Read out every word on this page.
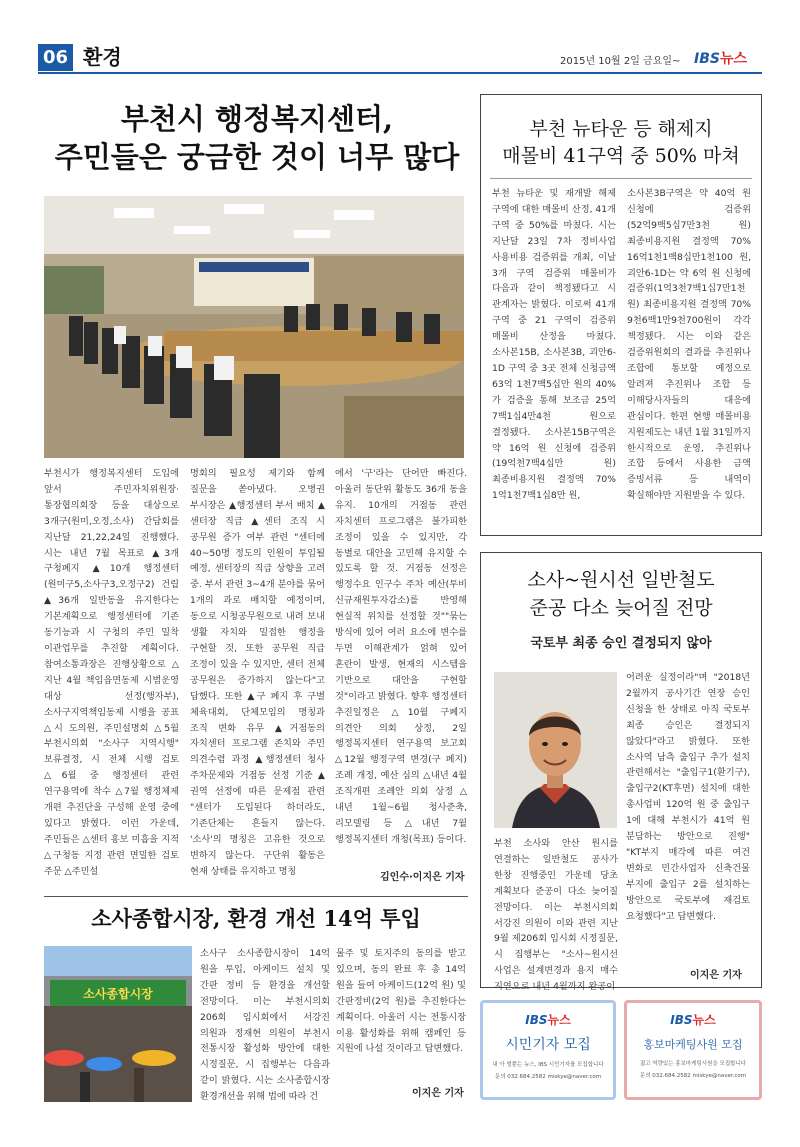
06 환경	2015년 10월 2일 금요일~ IBS뉴스
부천시 행정복지센터,
주민들은 궁금한 것이 너무 많다
부천시가 행정복지센터 도입에 앞서 주민자치위원장·통장협의회장 등을 대상으로 3개구(원미,오정,소사) 간담회를 지난달 21,22,24일 진행했다. 시는 내년 7월 목표로 ▲3개 구청폐지 ▲10개 행정센터(원미구5,소사구3,오정구2) 건립 ▲36개 일반동을 유지한다는 기본계획으로 행정센터에 기존 동기능과 시 구청의 주민 밀착 이관업무를 추진할 계획이다. 참여소통과장은 진행상황으로 △지난 4월 책임읍면동제 시범운영 대상 선정(행자부), 소사구지역책임동제 시행을 공표 △시 도의원, 주민설명회 △5월 부천시의회 "소사구 지역시행" 보류결정, 시 전체 시행 검토 △6월 중 행정센터 관련 연구용역에 착수 △7월 행정체제 개편 추진단을 구성해 운영 중에 있다고 밝혔다. 이런 가운데, 주민들은 △센터 홍보 미흡을 지적 △구청동 지정 관련 면밀한 검토 주문 △주민설
명회의 필요성 제기와 함께 질문을 쏟아냈다. 오병권 부시장은 ▲행정센터 부서 배치 ▲센터장 직급 ▲센터 조직 시 공무원 증가 여부 관련 "센터에 40~50명 정도의 인원이 투입될 예정, 센터장의 직급 상향을 고려 중. 부서 관련 3~4개 분야를 묶어 1개의 과로 배치할 예정이며, 동으로 시청공무원으로 내려 보내 생활 자치와 밀접한 행정을 구현할 것, 또한 공무원 직급 조정이 있을 수 있지만, 센터 전체 공무원은 증가하지 않는다"고 답했다. 또한 ▲구 폐지 후 구별 체육대회, 단체모임의 명칭과 조직 변화 유무 ▲거점동의 자치센터 프로그램 존치와 주민 의견수렴 과정 ▲행정센터 청사 주차문제와 거점동 선정 기준 ▲권역 선정에 따른 문제점 관련 "센터가 도입된다 하더라도, 기존단체는 흔들지 않는다. '소사'의 명칭은 고유한 것으로 변하지 않는다. 구단위 활동은 현재 상태를 유지하고 명칭
에서 '구'라는 단어만 빠진다. 아울러 동단위 활동도 36개 동을 유지. 10개의 거점동 관련 자치센터 프로그램은 불가피한 조정이 있을 수 있지만, 각 동별로 대안을 고민해 유지할 수 있도록 할 것. 거점동 선정은 행정수요 인구수 주차 예산(투비 신규재원투자감소)를 반영해 현실적 위치를 선정할 것""묶는 방식에 있어 여러 요소에 변수를 두면 이해관계가 얽혀 있어 혼란이 발생, 현재의 시스템을 기반으로 대안을 구현할 것"이라고 밝혔다. 향후 행정센터 추진일정은 △10월 구폐지 의견안 의회 상정, 2일 행정복지센터 연구용역 보고회 △12월 행정구역 변경(구 폐지) 조례 개정, 예산 심의 △내년 4월 조직개편 조례안 의회 상정 △내년 1월~6월 청사준축, 리모델링 등 △내년 7월 행정복지센터 개청(목표) 등이다.
김인수·이지은 기자
부천 뉴타운 등 해제지
매몰비 41구역 중 50% 마쳐
부천 뉴타운 및 재개발 해제 구역에 대한 매몰비 산정, 41개 구역 중 50%를 마쳤다. 시는 지난달 23일 7차 정비사업 사용비용 검증위를 개최, 이날 3개 구역 검증위 매몰비가 다음과 같이 책정됐다고 시 관계자는 밝혔다. 이로써 41개 구역 중 21 구역이 검증위 매몰비 산정을 마쳤다. 소사본15B, 소사본3B, 괴안6-1D 구역 중 3곳 전체 신청금액 63억 1천7백5십만 원의 40%가 검증을 통해 보조금 25억 7백1십4만4천 원으로 결정됐다. 소사본15B구역은 약 16억 원 신청에 검증위(19억천7백4십만 원) 최종비용지원 결정액 70% 1억1천7백1십8만 원,
소사본3B구역은 약 40억 원 신청에 검증위(52억9백5십7만3천 원) 최종비용지원 결정액 70% 16억1천1백8십만1천100 원, 괴안6-1D는 약 6억 원 신청에 검증위(1억3천7백1십7만1천 원) 최종비용지원 결정액 70% 9천6백1만9천700원이 각각 책정됐다. 시는 이와 같은 검증위원회의 결과를 추진위나 조합에 통보할 예정으로 알려져 추진위나 조합 등 이해당사자들의 대응에 관심이다. 한편 현행 매몰비용 지원제도는 내년 1월 31일까지 한시적으로 운영, 추진위나 조합 등에서 사용한 금액 증빙서류 등 내역이 확실해야만 지원받을 수 있다.
소사~원시선 일반철도
준공 다소 늦어질 전망
국토부 최종 승인 결정되지 않아
부천 소사와 안산 원시를 연결하는 일반철도 공사가 한창 진행중인 가운데 당초 계획보다 준공이 다소 늦어질 전망이다. 이는 부천시의회 서강진 의원이 이와 관련 지난 9월 제206회 임시회 시정질문, 시 집행부는 "소사~원시선 사업은 설계변경과 용지 매수 지연으로 내년 4월까지 완공이
어려운 실정이라"며 "2018년 2월까지 공사기간 연장 승인 신청을 한 상태로 아직 국토부 최종 승인은 결정되지 않았다"라고 밝혔다. 또한 소사역 남측 출입구 추가 설치 관련해서는 "출입구1(환기구), 출입구2(KT후면) 설치에 대한 총사업비 120억 원 중 출입구 1에 대해 부천시가 41억 원 분담하는 방안으로 진행" "KT부지 매각에 따른 여건 변화로 민간사업자 신축건물 부지에 출입구 2를 설치하는 방안으로 국토부에 재검토 요청했다"고 답변했다.
이지은 기자
소사종합시장, 환경 개선 14억 투입
소사종합시장
소사구 소사종합시장이 14억 원을 투입, 아케이드 설치 및 간판 정비 등 환경을 개선할 전망이다. 이는 부천시의회 206회 임시회에서 서강진 의원과 정재현 의원이 부천시 전통시장 활성화 방안에 대한 시정질문, 시 집행부는 다음과 같이 밝혔다. 시는 소사종합시장 환경개선을 위해 법에 따라 건
물주 및 토지주의 동의를 받고 있으며, 동의 완료 후 총 14억 원을 들여 아케이드(12억 원) 및 간판정비(2억 원)를 추진한다는 계획이다. 아울러 시는 전통시장 이용 활성화를 위해 캠페인 등 지원에 나설 것이라고 답변했다.
이지은 기자
IBS뉴스
시민기자 모집
내 아 벌뿐는 뉴스, IBS 시민기자를 모집합니다
문의 032.684.2582 miskye@naver.com
IBS뉴스
홍보마케팅사원 모집
젊고 역량있는 홍보마케팅사원을 모집합니다
문의 032.684.2582 miskye@naver.com
